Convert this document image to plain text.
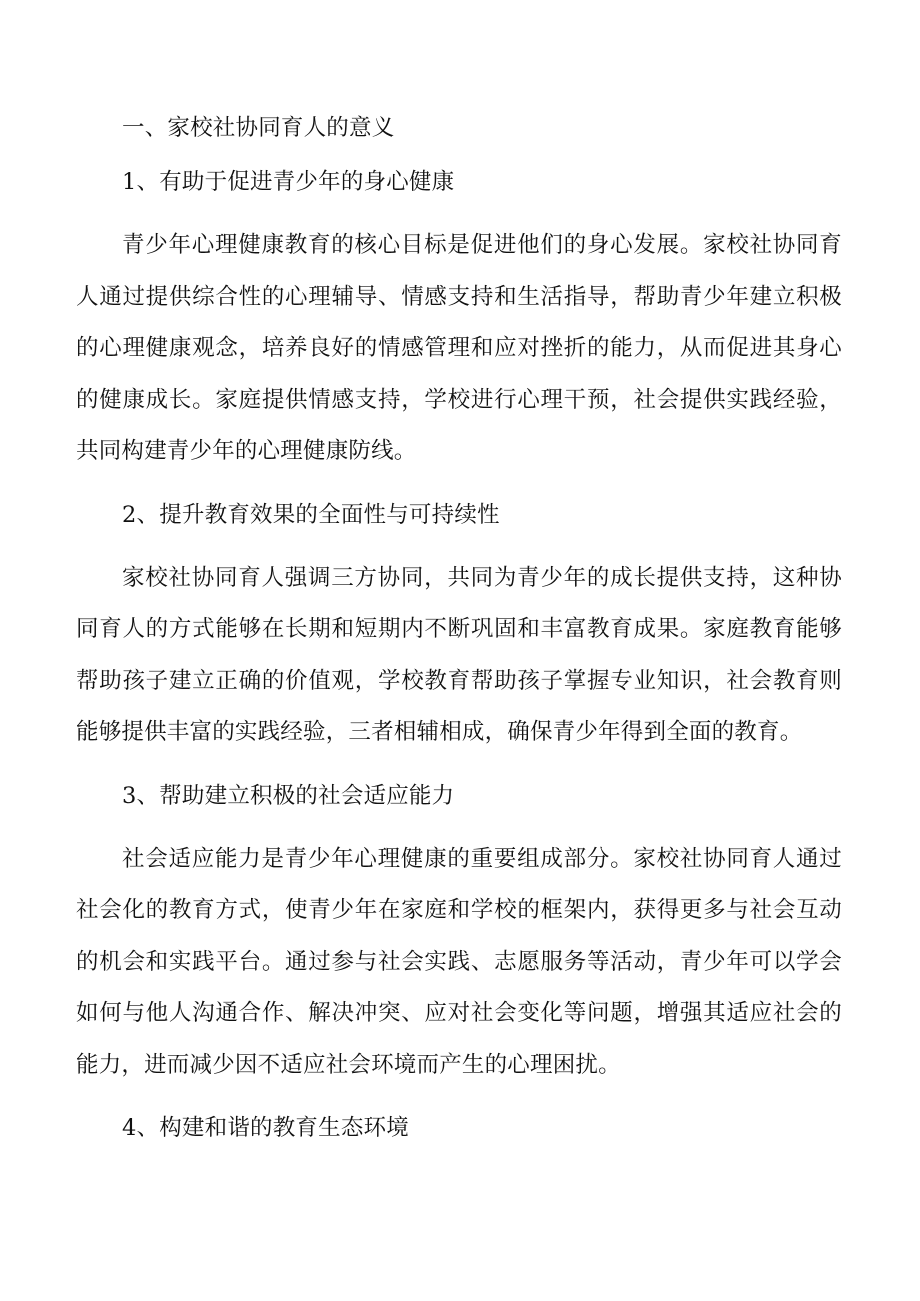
一、家校社协同育人的意义
1、有助于促进青少年的身心健康

青少年心理健康教育的核心目标是促进他们的身心发展。家校社协同育人通过提供综合性的心理辅导、情感支持和生活指导，帮助青少年建立积极的心理健康观念，培养良好的情感管理和应对挫折的能力，从而促进其身心的健康成长。家庭提供情感支持，学校进行心理干预，社会提供实践经验，共同构建青少年的心理健康防线。

2、提升教育效果的全面性与可持续性

家校社协同育人强调三方协同，共同为青少年的成长提供支持，这种协同育人的方式能够在长期和短期内不断巩固和丰富教育成果。家庭教育能够帮助孩子建立正确的价值观，学校教育帮助孩子掌握专业知识，社会教育则能够提供丰富的实践经验，三者相辅相成，确保青少年得到全面的教育。

3、帮助建立积极的社会适应能力

社会适应能力是青少年心理健康的重要组成部分。家校社协同育人通过社会化的教育方式，使青少年在家庭和学校的框架内，获得更多与社会互动的机会和实践平台。通过参与社会实践、志愿服务等活动，青少年可以学会如何与他人沟通合作、解决冲突、应对社会变化等问题，增强其适应社会的能力，进而减少因不适应社会环境而产生的心理困扰。

4、构建和谐的教育生态环境
